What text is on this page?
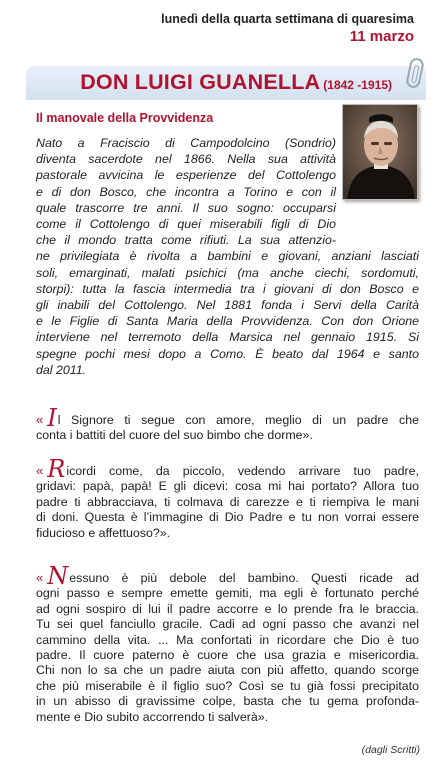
lunedì della quarta settimana di quaresima
11 marzo
DON LUIGI GUANELLA (1842 -1915)
Il manovale della Provvidenza

Nato a Fraciscio di Campodolcino (Sondrio)
diventa sacerdote nel 1866. Nella sua attività
pastorale avvicina le esperienze del Cottolengo
e di don Bosco, che incontra a Torino e con il
quale trascorre tre anni. Il suo sogno: occuparsi
come il Cottolengo di quei miserabili figli di Dio
che il mondo tratta come rifiuti. La sua attenzio-
ne privilegiata è rivolta a bambini e giovani, anziani lasciati
soli, emarginati, malati psichici (ma anche ciechi, sordomuti,
storpi): tutta la fascia intermedia tra i giovani di don Bosco e
gli inabili del Cottolengo. Nel 1881 fonda i Servi della Carità
e le Figlie di Santa Maria della Provvidenza. Con don Orione
interviene nel terremoto della Marsica nel gennaio 1915. Si
spegne pochi mesi dopo a Como. È beato dal 1964 e santo
dal 2011.

« Il Signore ti segue con amore, meglio di un padre che
conta i battiti del cuore del suo bimbo che dorme».

« Ricordi come, da piccolo, vedendo arrivare tuo padre,
gridavi: papà, papà! E gli dicevi: cosa mi hai portato? Allora tuo
padre ti abbracciava, ti colmava di carezze e ti riempiva le mani
di doni. Questa è l’immagine di Dio Padre e tu non vorrai essere
fiducioso e affettuoso?».

« Nessuno è più debole del bambino. Questi ricade ad
ogni passo e sempre emette gemiti, ma egli è fortunato perché
ad ogni sospiro di lui il padre accorre e lo prende fra le braccia.
Tu sei quel fanciullo gracile. Cadi ad ogni passo che avanzi nel
cammino della vita. ... Ma confortati in ricordare che Dio è tuo
padre. Il cuore paterno è cuore che usa grazia e misericordia.
Chi non lo sa che un padre aiuta con più affetto, quando scorge
che più miserabile è il figlio suo? Così se tu già fossi precipitato
in un abisso di gravissime colpe, basta che tu gema profonda-
mente e Dio subito accorrendo ti salverà».

(dagli Scritti)
